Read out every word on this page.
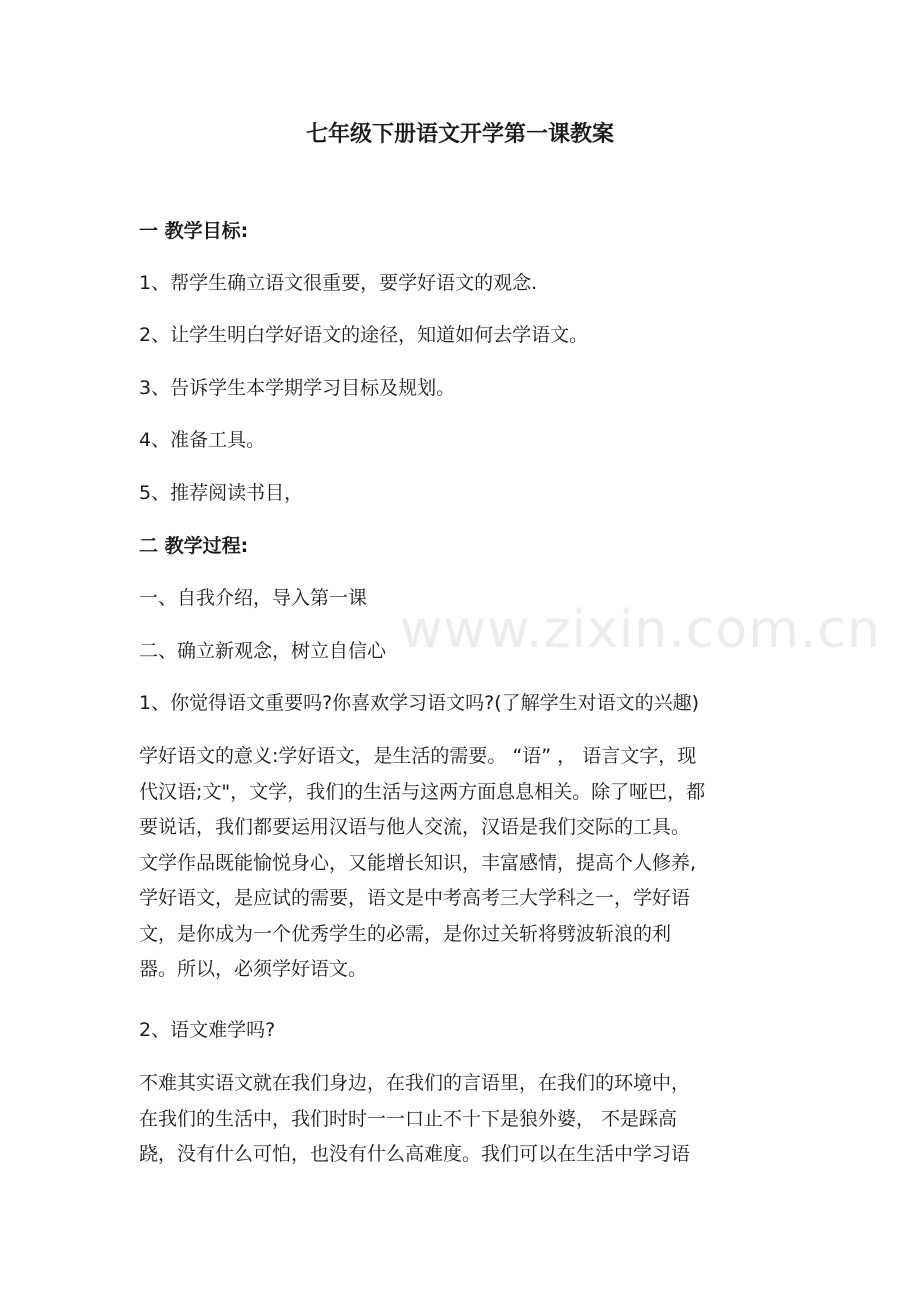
七年级下册语文开学第一课教案

一 教学目标:

1、帮学生确立语文很重要，要学好语文的观念.

2、让学生明白学好语文的途径，知道如何去学语文。

3、告诉学生本学期学习目标及规划。

4、准备工具。

5、推荐阅读书目，

二 教学过程:

一、自我介绍，导入第一课

二、确立新观念，树立自信心

1、你觉得语文重要吗?你喜欢学习语文吗?(了解学生对语文的兴趣)

学好语文的意义:学好语文，是生活的需要。 “语” ， 语言文字，现
代汉语;文"，文学，我们的生活与这两方面息息相关。除了哑巴，都
要说话，我们都要运用汉语与他人交流，汉语是我们交际的工具。
文学作品既能愉悦身心，又能增长知识，丰富感情，提高个人修养,
学好语文，是应试的需要，语文是中考高考三大学科之一，学好语
文，是你成为一个优秀学生的必需，是你过关斩将劈波斩浪的利
器。所以，必须学好语文。

2、语文难学吗?

不难其实语文就在我们身边，在我们的言语里，在我们的环境中，
在我们的生活中，我们时时一一口止不十下是狼外婆， 不是踩高
跷，没有什么可怕，也没有什么高难度。我们可以在生活中学习语
www.zixin.com.cn
